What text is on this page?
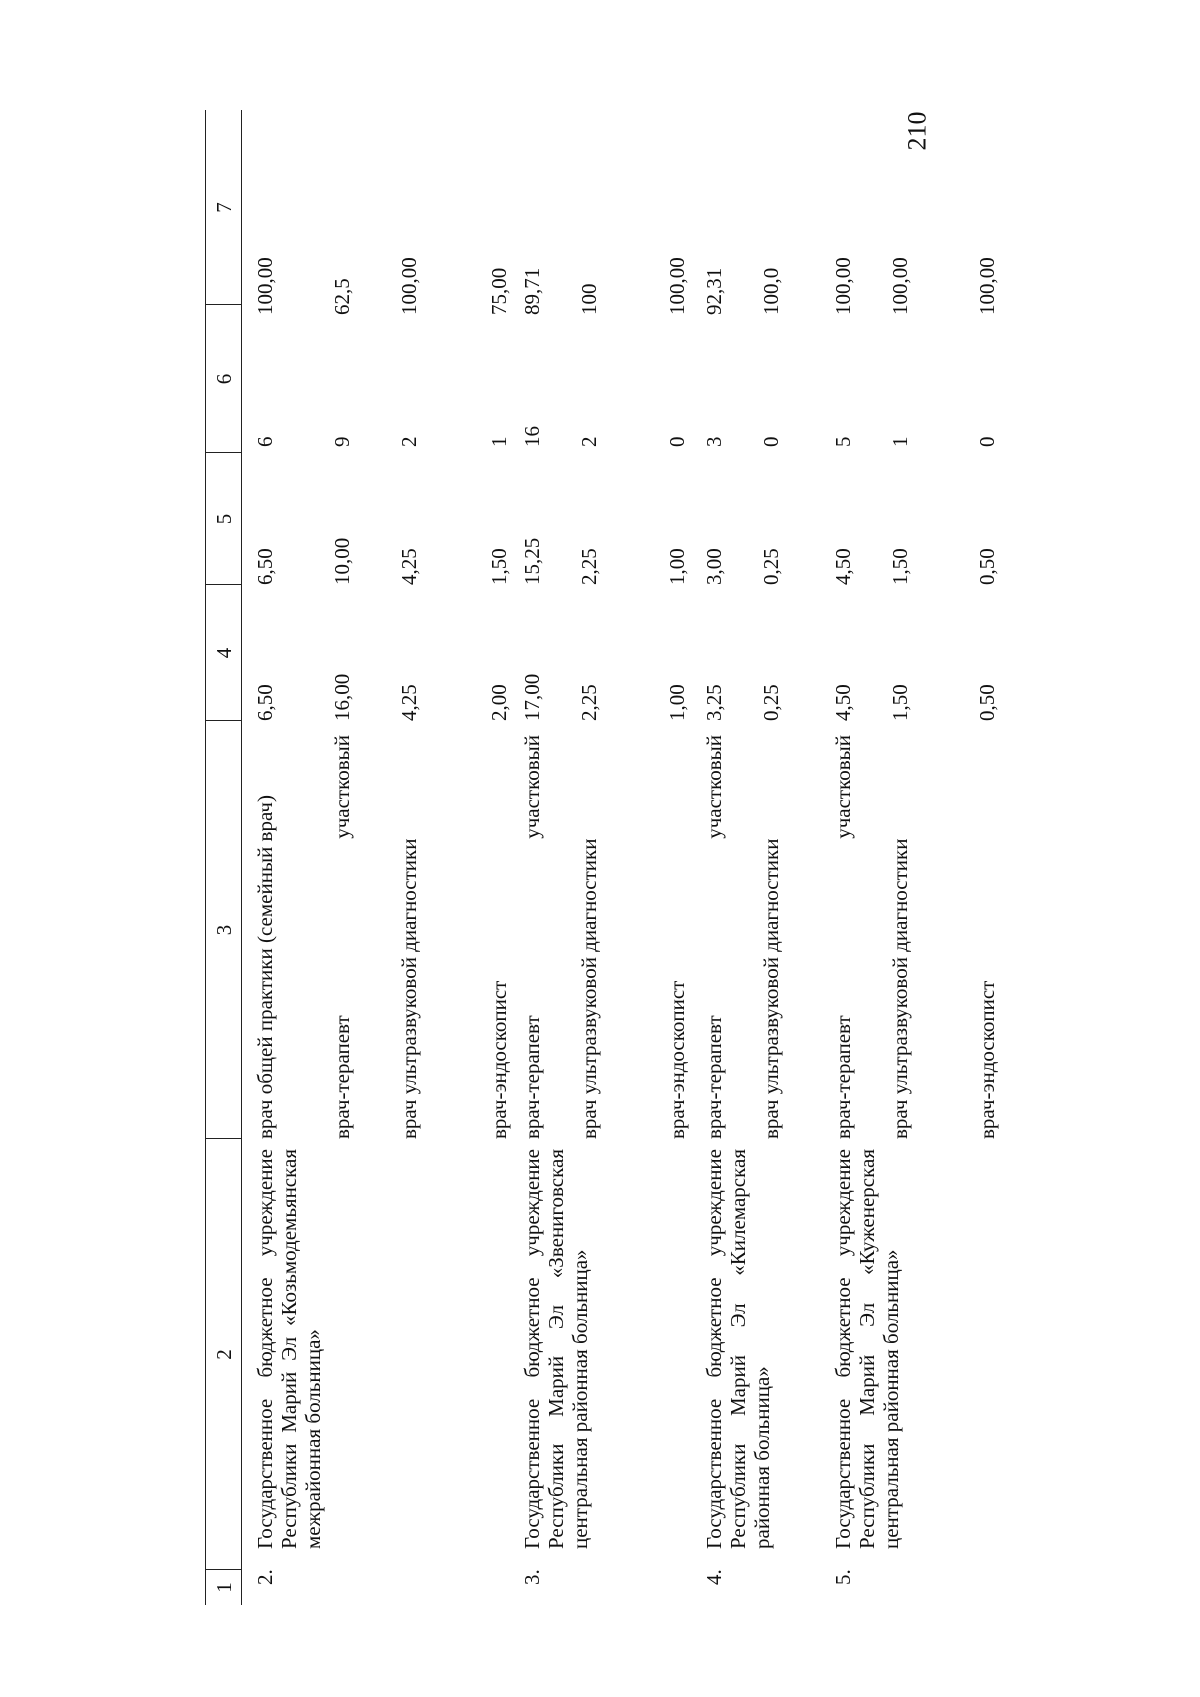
210
1
2
3
4
5
6
7
2.
Государственное бюджетное учреждение Республики Марий Эл «Козьмодемьянская межрайонная больница»
врач общей практики (семейный врач)
6,50
6,50
6
100,00
врач-терапевт участковый
16,00
10,00
9
62,5
врач ультразвуковой диагностики
4,25
4,25
2
100,00
врач-эндоскопист
2,00
1,50
1
75,00
3.
Государственное бюджетное учреждение Республики Марий Эл «Звениговская центральная районная больница»
врач-терапевт участковый
17,00
15,25
16
89,71
врач ультразвуковой диагностики
2,25
2,25
2
100
врач-эндоскопист
1,00
1,00
0
100,00
4.
Государственное бюджетное учреждение Республики Марий Эл «Килемарская районная больница»
врач-терапевт участковый
3,25
3,00
3
92,31
врач ультразвуковой диагностики
0,25
0,25
0
100,0
5.
Государственное бюджетное учреждение Республики Марий Эл «Куженерская центральная районная больница»
врач-терапевт участковый
4,50
4,50
5
100,00
врач ультразвуковой диагностики
1,50
1,50
1
100,00
врач-эндоскопист
0,50
0,50
0
100,00
